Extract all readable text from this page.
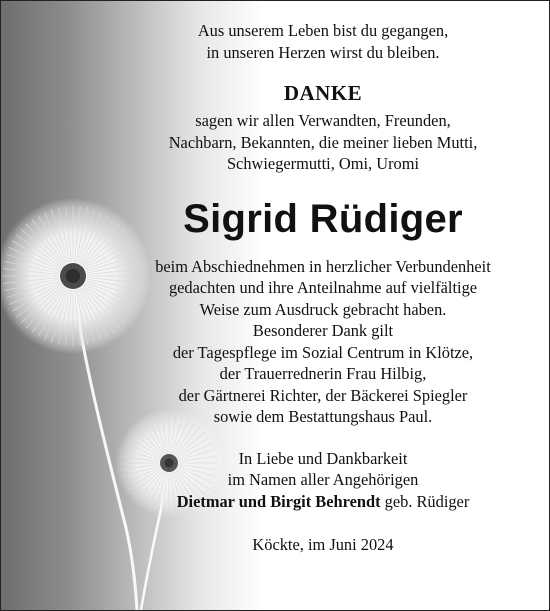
Aus unserem Leben bist du gegangen,
in unseren Herzen wirst du bleiben.
DANKE
sagen wir allen Verwandten, Freunden,
Nachbarn, Bekannten, die meiner lieben Mutti,
Schwiegermutti, Omi, Uromi
Sigrid Rüdiger
beim Abschiednehmen in herzlicher Verbundenheit
gedachten und ihre Anteilnahme auf vielfältige
Weise zum Ausdruck gebracht haben.
Besonderer Dank gilt
der Tagespflege im Sozial Centrum in Klötze,
der Trauerrednerin Frau Hilbig,
der Gärtnerei Richter, der Bäckerei Spiegler
sowie dem Bestattungshaus Paul.
In Liebe und Dankbarkeit
im Namen aller Angehörigen
Dietmar und Birgit Behrendt geb. Rüdiger
Köckte, im Juni 2024
